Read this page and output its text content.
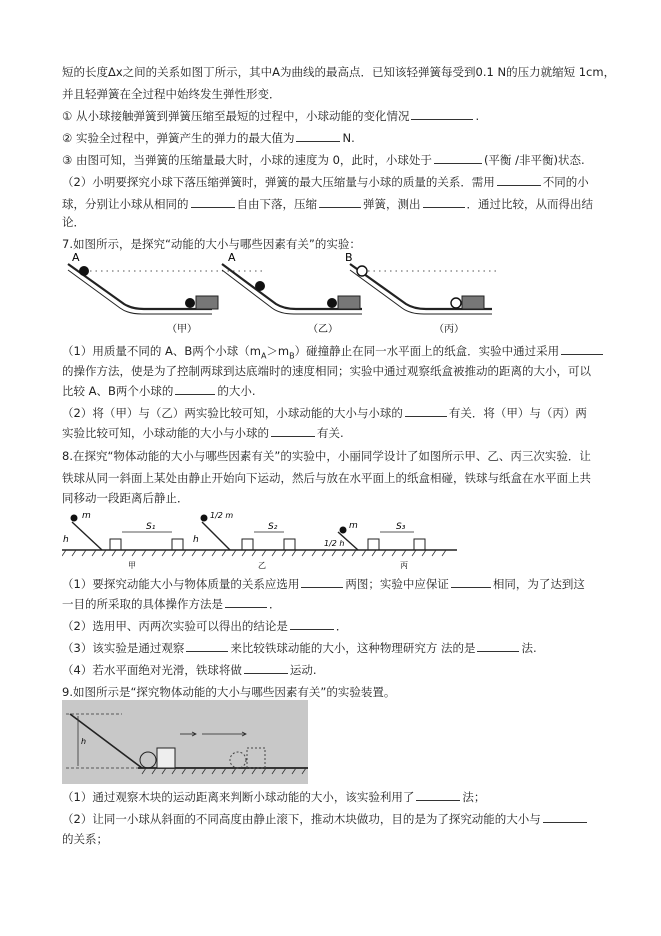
短的长度Δx之间的关系如图丁所示，其中A为曲线的最高点．已知该轻弹簧每受到0.1 N的压力就缩短 1cm，
并且轻弹簧在全过程中始终发生弹性形变．
① 从小球接触弹簧到弹簧压缩至最短的过程中，小球动能的变化情况	.
② 实验全过程中，弹簧产生的弹力的最大值为	N.
③ 由图可知，当弹簧的压缩量最大时，小球的速度为 0，此时，小球处于	(平衡 /非平衡)状态.
（2）小明要探究小球下落压缩弹簧时，弹簧的最大压缩量与小球的质量的关系．需用	不同的小
球，分别让小球从相同的	自由下落，压缩	弹簧，测出	．通过比较，从而得出结
论．
7.如图所示，是探究“动能的大小与哪些因素有关”的实验：
A
（甲）
A
（乙）
B
（丙）
（1）用质量不同的 A、B两个小球$(m_A>m_B)$碰撞静止在同一水平面上的纸盒．实验中通过采用
的操作方法，使是为了控制两球到达底端时的速度相同；实验中通过观察纸盒被推动的距离的大小，可以
比较 A、B两个小球的	的大小.
（2）将（甲）与（乙）两实验比较可知，小球动能的大小与小球的	有关．将（甲）与（丙）两
实验比较可知，小球动能的大小与小球的	有关.
8.在探究“物体动能的大小与哪些因素有关”的实验中，小丽同学设计了如图所示甲、乙、丙三次实验．让
铁球从同一斜面上某处由静止开始向下运动，然后与放在水平面上的纸盒相碰，铁球与纸盒在水平面上共
同移动一段距离后静止．
m
h
S₁
甲
1/2 m
h
S₂
乙
m
1/2 h
S₃
丙
（1）要探究动能大小与物体质量的关系应选用	两图；实验中应保证	相同，为了达到这
一目的所采取的具体操作方法是	．
（2）选用甲、丙两次实验可以得出的结论是	．
（3）该实验是通过观察	来比较铁球动能的大小，这种物理研究方 法的是	法.
（4）若水平面绝对光滑，铁球将做	运动.
9.如图所示是“探究物体动能的大小与哪些因素有关”的实验装置。
h
（1）通过观察木块的运动距离来判断小球动能的大小，该实验利用了	法；
（2）让同一小球从斜面的不同高度由静止滚下，推动木块做功，目的是为了探究动能的大小与
的关系；
